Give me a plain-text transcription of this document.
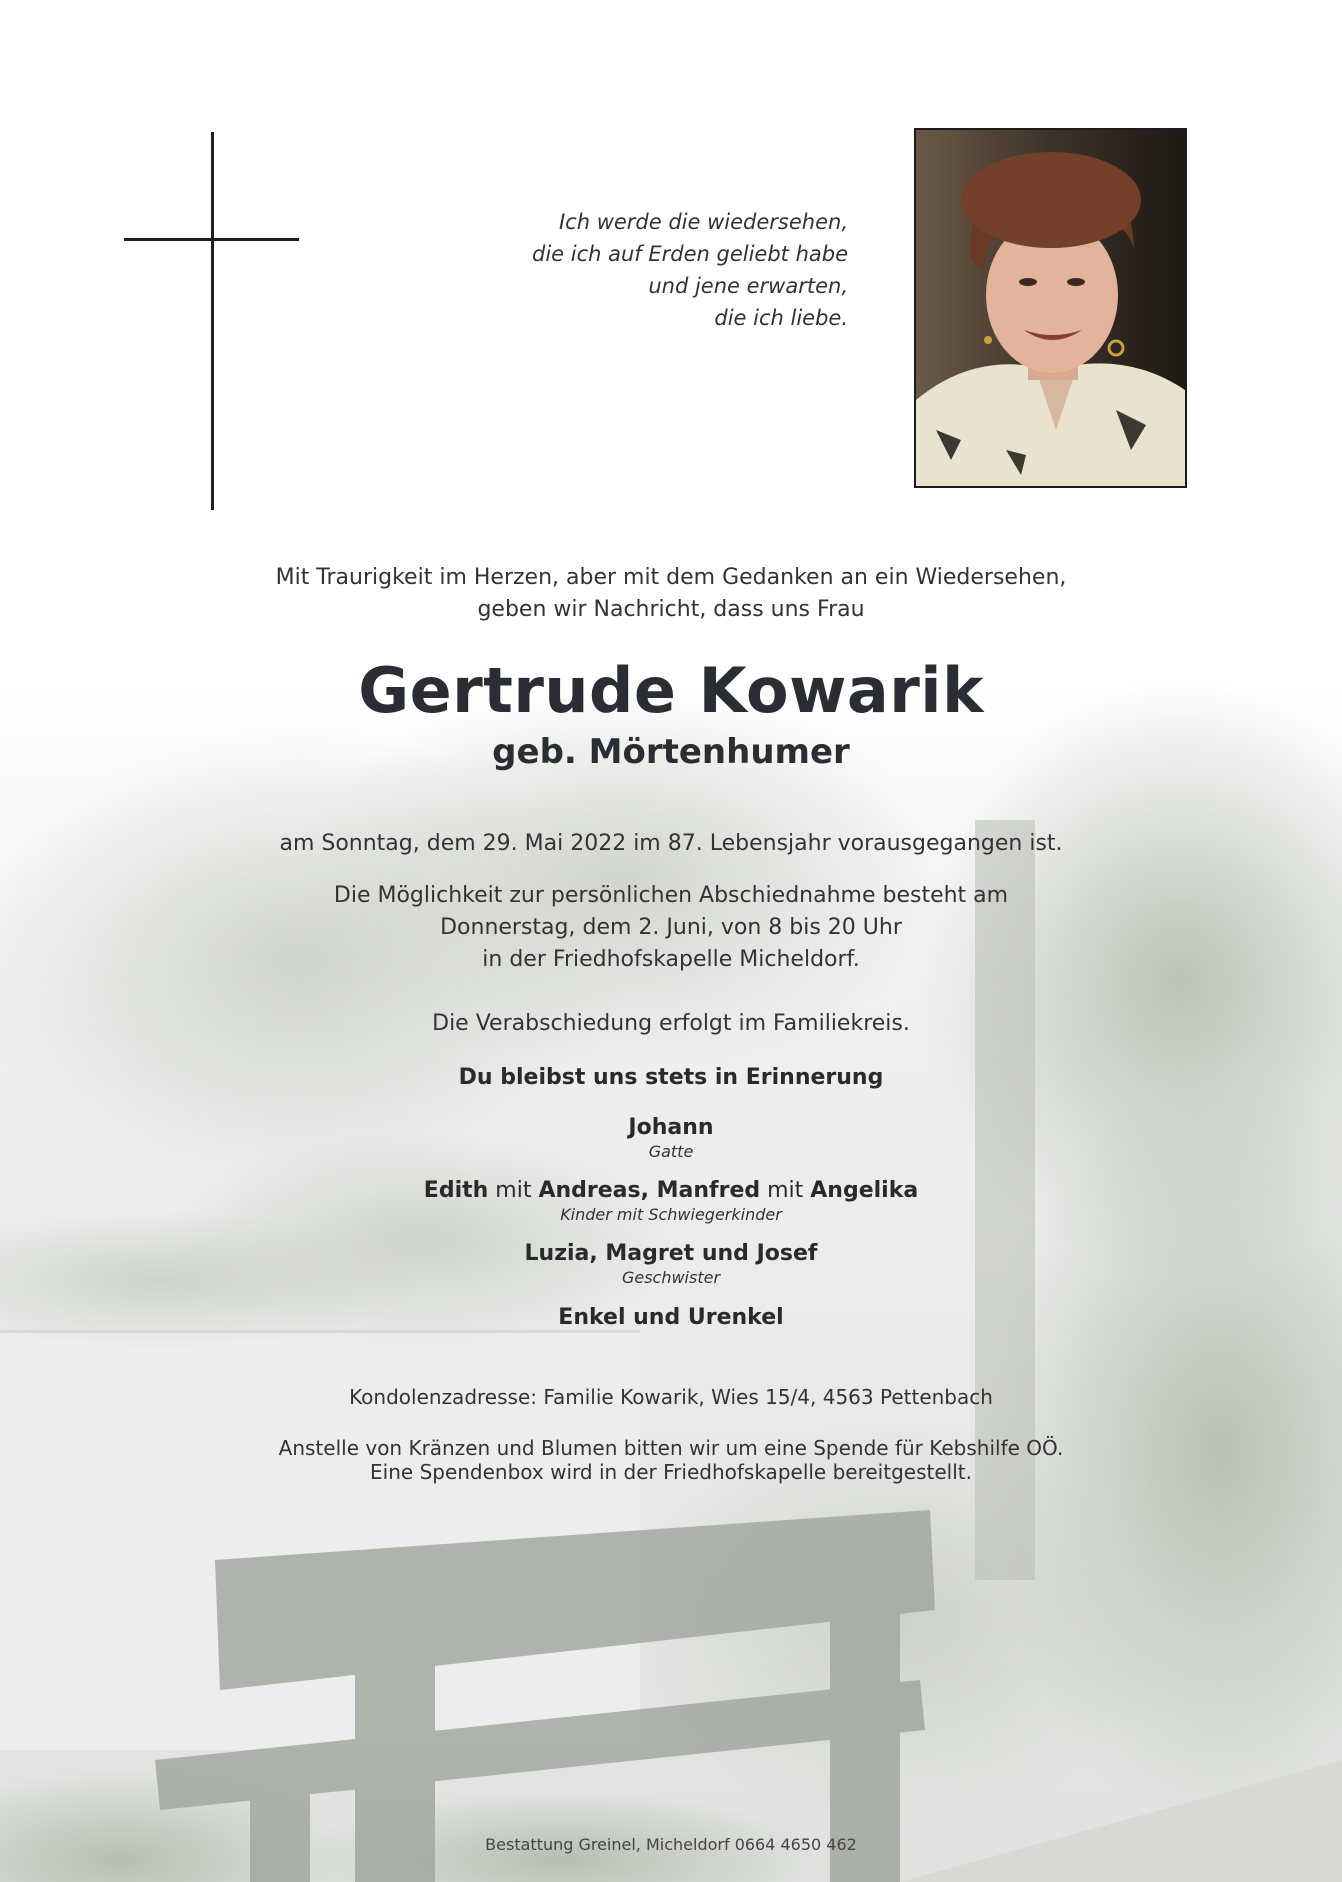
Ich werde die wiedersehen,
die ich auf Erden geliebt habe
und jene erwarten,
die ich liebe.
Mit Traurigkeit im Herzen, aber mit dem Gedanken an ein Wiedersehen,
geben wir Nachricht, dass uns Frau
Gertrude Kowarik
geb. Mörtenhumer
am Sonntag, dem 29. Mai 2022 im 87. Lebensjahr vorausgegangen ist.
Die Möglichkeit zur persönlichen Abschiednahme besteht am
Donnerstag, dem 2. Juni, von 8 bis 20 Uhr
in der Friedhofskapelle Micheldorf.
Die Verabschiedung erfolgt im Familiekreis.
Du bleibst uns stets in Erinnerung
Johann
Gatte
Edith mit Andreas, Manfred mit Angelika
Kinder mit Schwiegerkinder
Luzia, Magret und Josef
Geschwister
Enkel und Urenkel
Kondolenzadresse: Familie Kowarik, Wies 15/4, 4563 Pettenbach
Anstelle von Kränzen und Blumen bitten wir um eine Spende für Kebshilfe OÖ.
Eine Spendenbox wird in der Friedhofskapelle bereitgestellt.
Bestattung Greinel, Micheldorf 0664 4650 462
